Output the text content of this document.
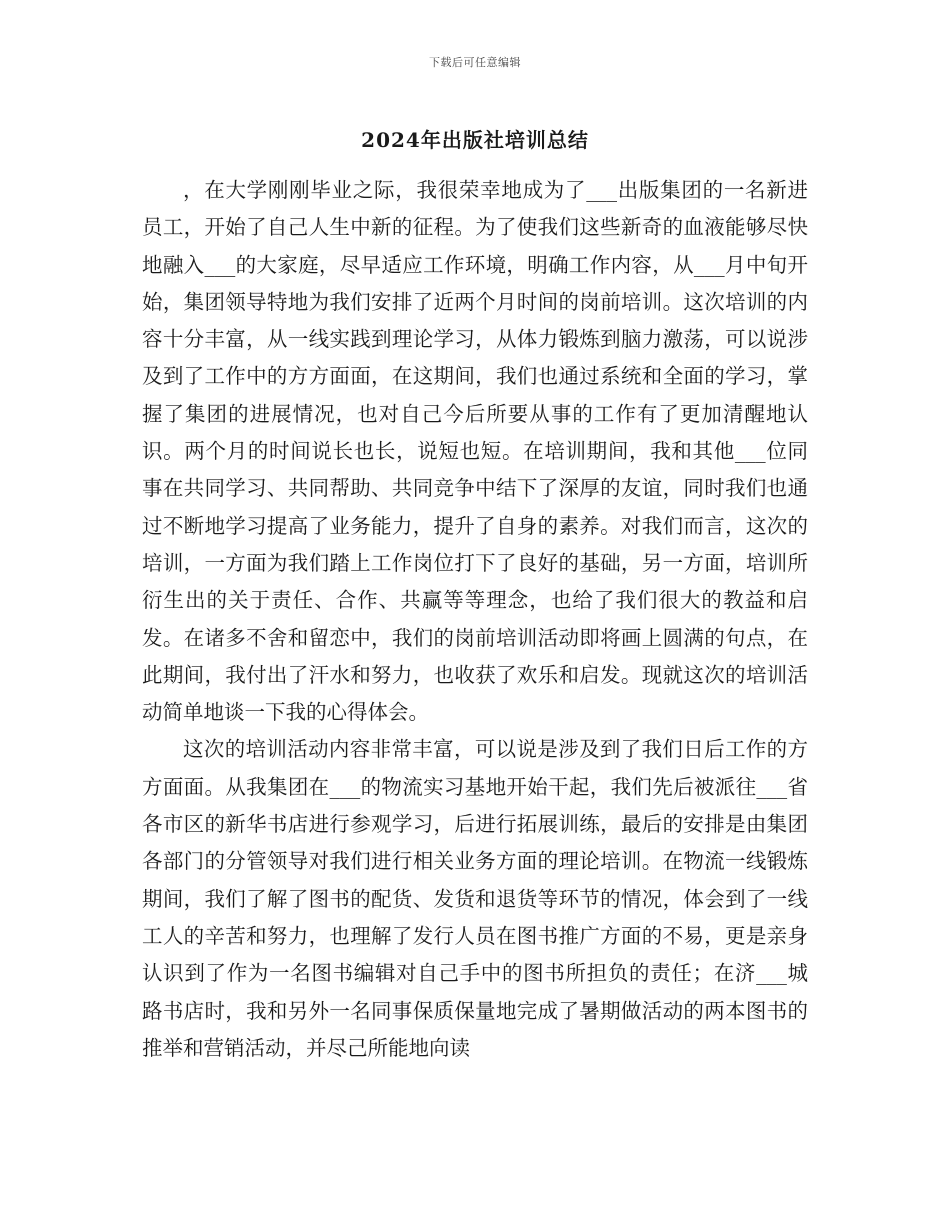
下载后可任意编辑
2024年出版社培训总结

，在大学刚刚毕业之际，我很荣幸地成为了___出版集团的一名新进员工，开始了自己人生中新的征程。为了使我们这些新奇的血液能够尽快地融入___的大家庭，尽早适应工作环境，明确工作内容，从___月中旬开始，集团领导特地为我们安排了近两个月时间的岗前培训。这次培训的内容十分丰富，从一线实践到理论学习，从体力锻炼到脑力激荡，可以说涉及到了工作中的方方面面，在这期间，我们也通过系统和全面的学习，掌握了集团的进展情况，也对自己今后所要从事的工作有了更加清醒地认识。两个月的时间说长也长，说短也短。在培训期间，我和其他___位同事在共同学习、共同帮助、共同竞争中结下了深厚的友谊，同时我们也通过不断地学习提高了业务能力，提升了自身的素养。对我们而言，这次的培训，一方面为我们踏上工作岗位打下了良好的基础，另一方面，培训所衍生出的关于责任、合作、共赢等等理念，也给了我们很大的教益和启发。在诸多不舍和留恋中，我们的岗前培训活动即将画上圆满的句点，在此期间，我付出了汗水和努力，也收获了欢乐和启发。现就这次的培训活动简单地谈一下我的心得体会。

这次的培训活动内容非常丰富，可以说是涉及到了我们日后工作的方方面面。从我集团在___的物流实习基地开始干起，我们先后被派往___省各市区的新华书店进行参观学习，后进行拓展训练，最后的安排是由集团各部门的分管领导对我们进行相关业务方面的理论培训。在物流一线锻炼期间，我们了解了图书的配货、发货和退货等环节的情况，体会到了一线工人的辛苦和努力，也理解了发行人员在图书推广方面的不易，更是亲身认识到了作为一名图书编辑对自己手中的图书所担负的责任；在济___城路书店时，我和另外一名同事保质保量地完成了暑期做活动的两本图书的推举和营销活动，并尽己所能地向读
